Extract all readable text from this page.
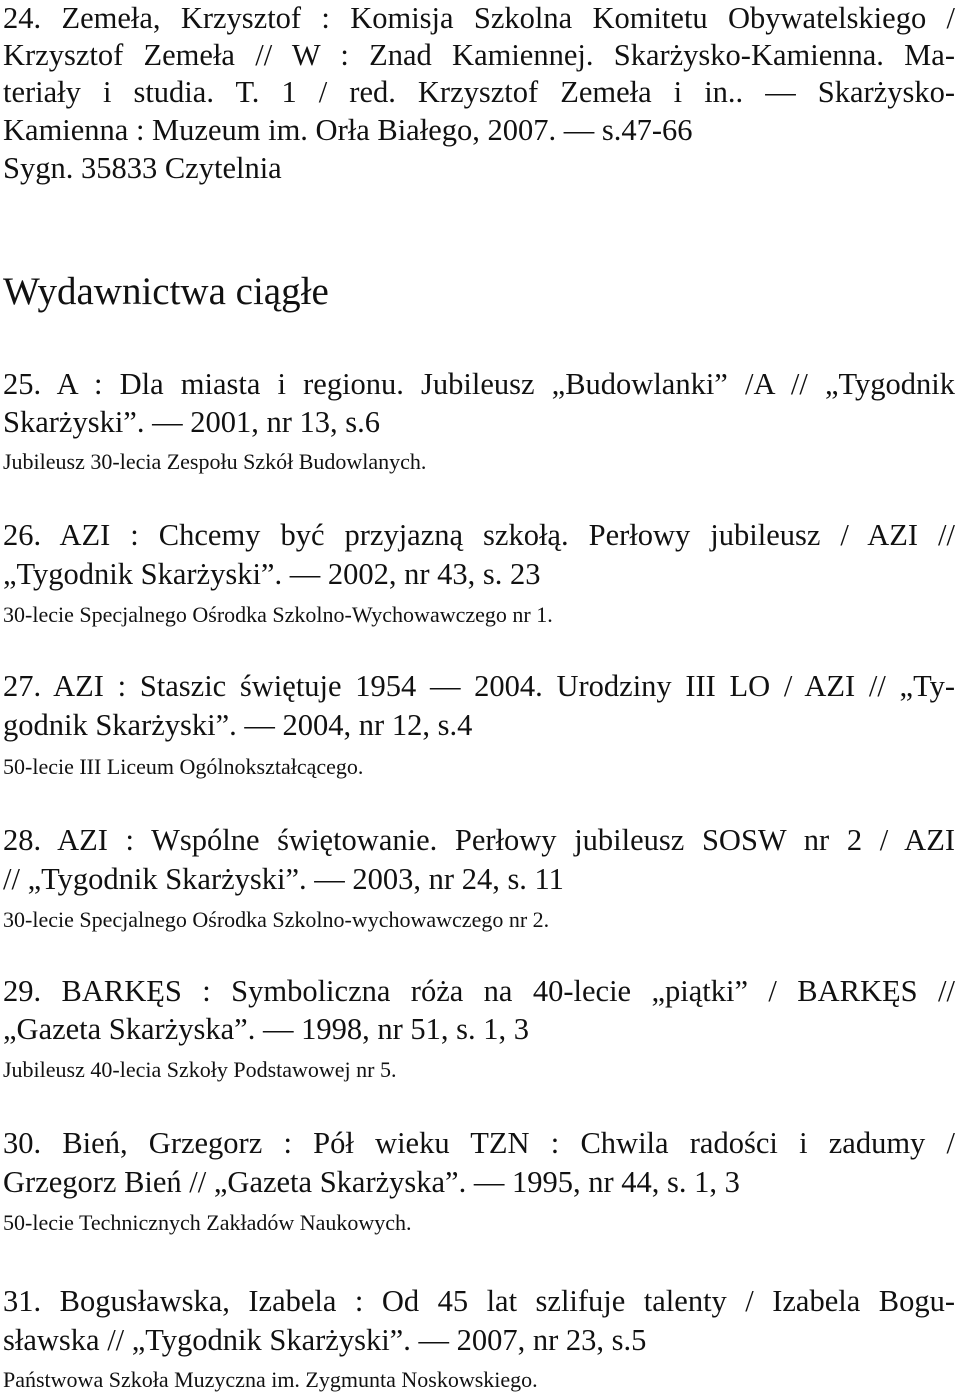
24. Zemeła, Krzysztof : Komisja Szkolna Komitetu Obywatelskiego /
Krzysztof Zemeła // W : Znad Kamiennej. Skarżysko-Kamienna. Ma-
teriały i studia. T. 1 / red. Krzysztof Zemeła i in.. — Skarżysko-
Kamienna : Muzeum im. Orła Białego, 2007. — s.47-66
Sygn. 35833 Czytelnia
Wydawnictwa ciągłe
25. A : Dla miasta i regionu. Jubileusz „Budowlanki” /A // „Tygodnik
Skarżyski”. — 2001, nr 13, s.6
Jubileusz 30-lecia Zespołu Szkół Budowlanych.
26. AZI : Chcemy być przyjazną szkołą. Perłowy jubileusz / AZI //
„Tygodnik Skarżyski”. — 2002, nr 43, s. 23
30-lecie Specjalnego Ośrodka Szkolno-Wychowawczego nr 1.
27. AZI : Staszic świętuje 1954 — 2004. Urodziny III LO / AZI // „Ty-
godnik Skarżyski”. — 2004, nr 12, s.4
50-lecie III Liceum Ogólnokształcącego.
28. AZI : Wspólne świętowanie. Perłowy jubileusz SOSW nr 2 / AZI
// „Tygodnik Skarżyski”. — 2003, nr 24, s. 11
30-lecie Specjalnego Ośrodka Szkolno-wychowawczego nr 2.
29. BARKĘS : Symboliczna róża na 40-lecie „piątki” / BARKĘS //
„Gazeta Skarżyska”. — 1998, nr 51, s. 1, 3
Jubileusz 40-lecia Szkoły Podstawowej nr 5.
30. Bień, Grzegorz : Pół wieku TZN : Chwila radości i zadumy /
Grzegorz Bień // „Gazeta Skarżyska”. — 1995, nr 44, s. 1, 3
50-lecie Technicznych Zakładów Naukowych.
31. Bogusławska, Izabela : Od 45 lat szlifuje talenty / Izabela Bogu-
sławska // „Tygodnik Skarżyski”. — 2007, nr 23, s.5
Państwowa Szkoła Muzyczna im. Zygmunta Noskowskiego.
